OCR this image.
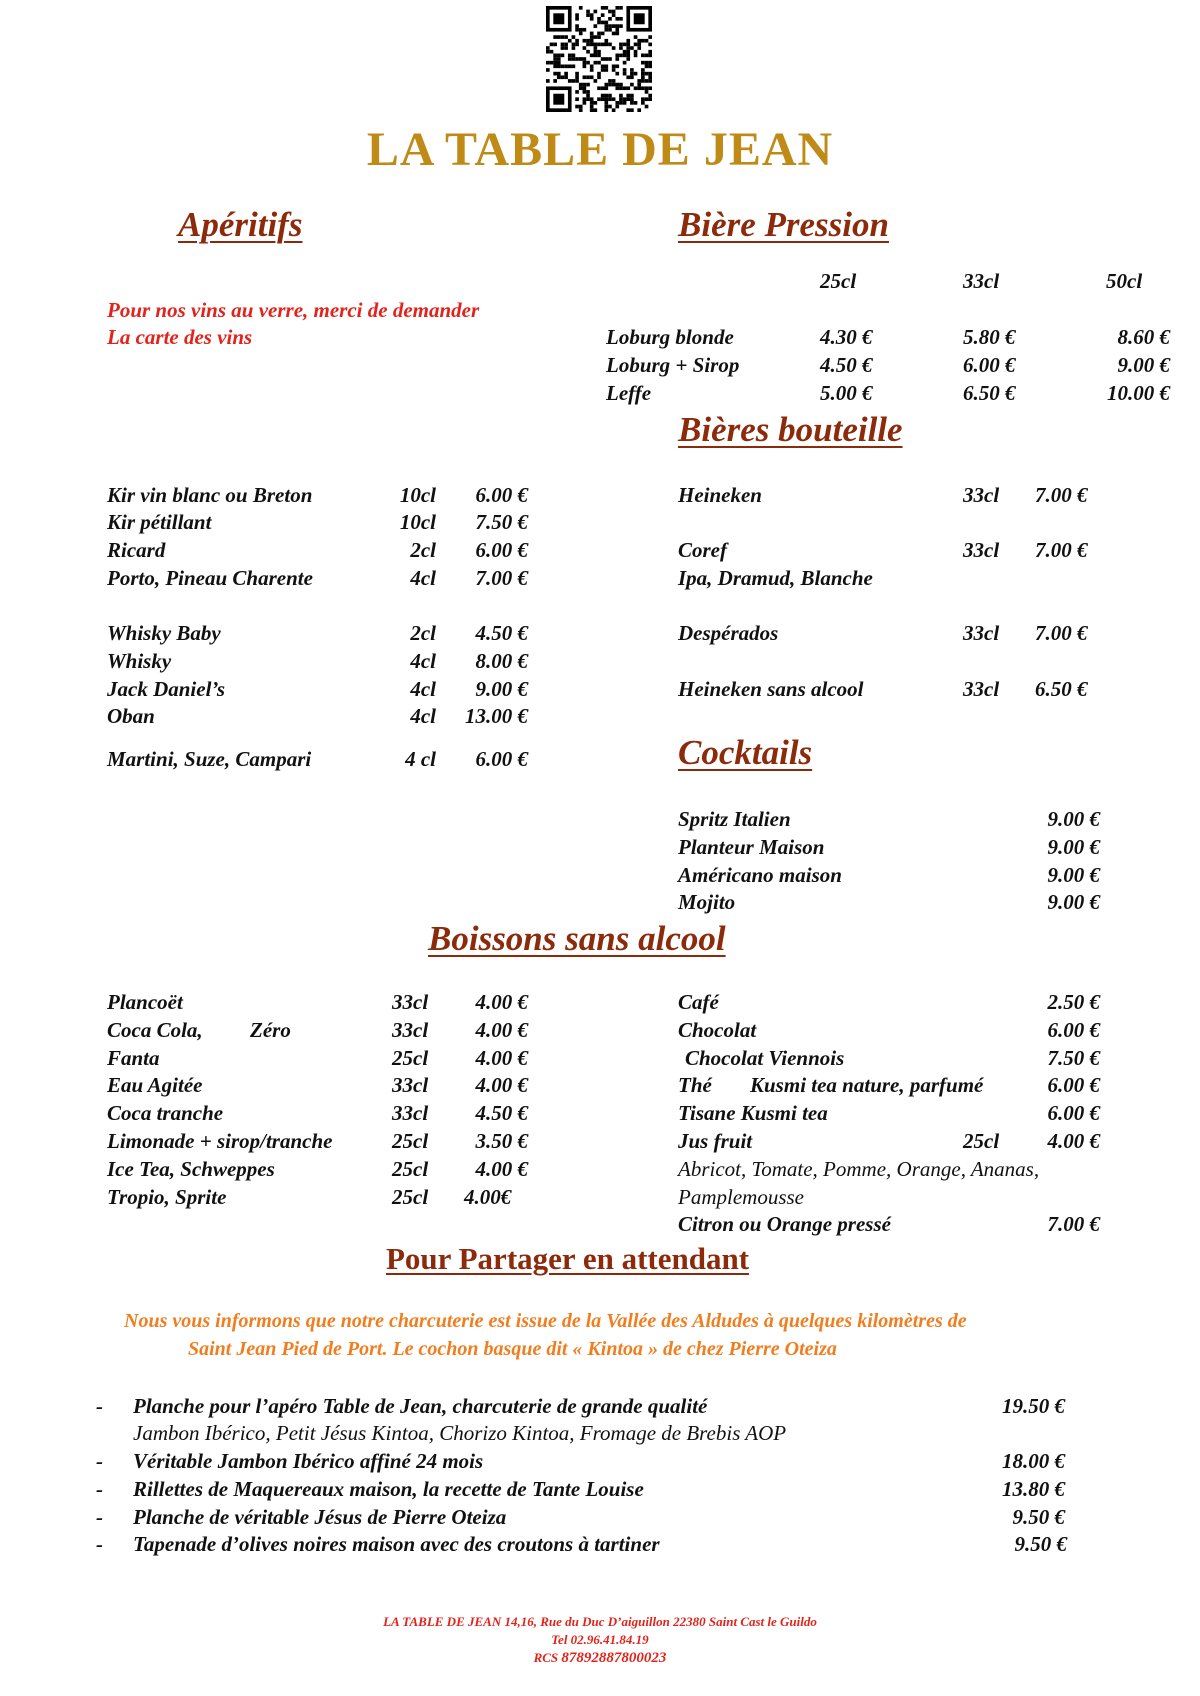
LA TABLE DE JEAN
Apéritifs
Pour nos vins au verre, merci de demander
La carte des vins
Kir vin blanc ou Breton	10cl	6.00 €
Kir pétillant	10cl	7.50 €
Ricard	2cl	6.00 €
Porto, Pineau Charente	4cl	7.00 €
Whisky Baby	2cl	4.50 €
Whisky	4cl	8.00 €
Jack Daniel’s	4cl	9.00 €
Oban	4cl	13.00 €
Martini, Suze, Campari	4 cl	6.00 €
Bière Pression
25cl	33cl	50cl
Loburg blonde	4.30 €	5.80 €	8.60 €
Loburg + Sirop	4.50 €	6.00 €	9.00 €
Leffe	5.00 €	6.50 €	10.00 €
Bières bouteille
Heineken	33cl 7.00 €
Coref	33cl 7.00 €
Ipa, Dramud, Blanche
Despérados	33cl 7.00 €
Heineken sans alcool	33cl 6.50 €
Cocktails
Spritz Italien	9.00 €
Planteur Maison	9.00 €
Américano maison	9.00 €
Mojito	9.00 €
Boissons sans alcool
Plancoët	33cl	4.00 €
Coca Cola, Zéro	33cl	4.00 €
Fanta	25cl	4.00 €
Eau Agitée	33cl	4.00 €
Coca tranche	33cl	4.50 €
Limonade + sirop/tranche	25cl	3.50 €
Ice Tea, Schweppes	25cl	4.00 €
Tropio, Sprite	25cl 4.00€
Café	2.50 €
Chocolat	6.00 €
Chocolat Viennois	7.50 €
Thé Kusmi tea nature, parfumé	6.00 €
Tisane Kusmi tea	6.00 €
Jus fruit	25cl	4.00 €
Abricot, Tomate, Pomme, Orange, Ananas,
Pamplemousse
Citron ou Orange pressé	7.00 €
Pour Partager en attendant
Nous vous informons que notre charcuterie est issue de la Vallée des Aldudes à quelques kilomètres de
Saint Jean Pied de Port. Le cochon basque dit « Kintoa » de chez Pierre Oteiza
- Planche pour l’apéro Table de Jean, charcuterie de grande qualité	19.50 €
Jambon Ibérico, Petit Jésus Kintoa, Chorizo Kintoa, Fromage de Brebis AOP
- Véritable Jambon Ibérico affiné 24 mois	18.00 €
- Rillettes de Maquereaux maison, la recette de Tante Louise	13.80 €
- Planche de véritable Jésus de Pierre Oteiza	9.50 €
- Tapenade d’olives noires maison avec des croutons à tartiner	9.50 €
LA TABLE DE JEAN 14,16, Rue du Duc D’aiguillon 22380 Saint Cast le Guildo
Tel 02.96.41.84.19
RCS 87892887800023
